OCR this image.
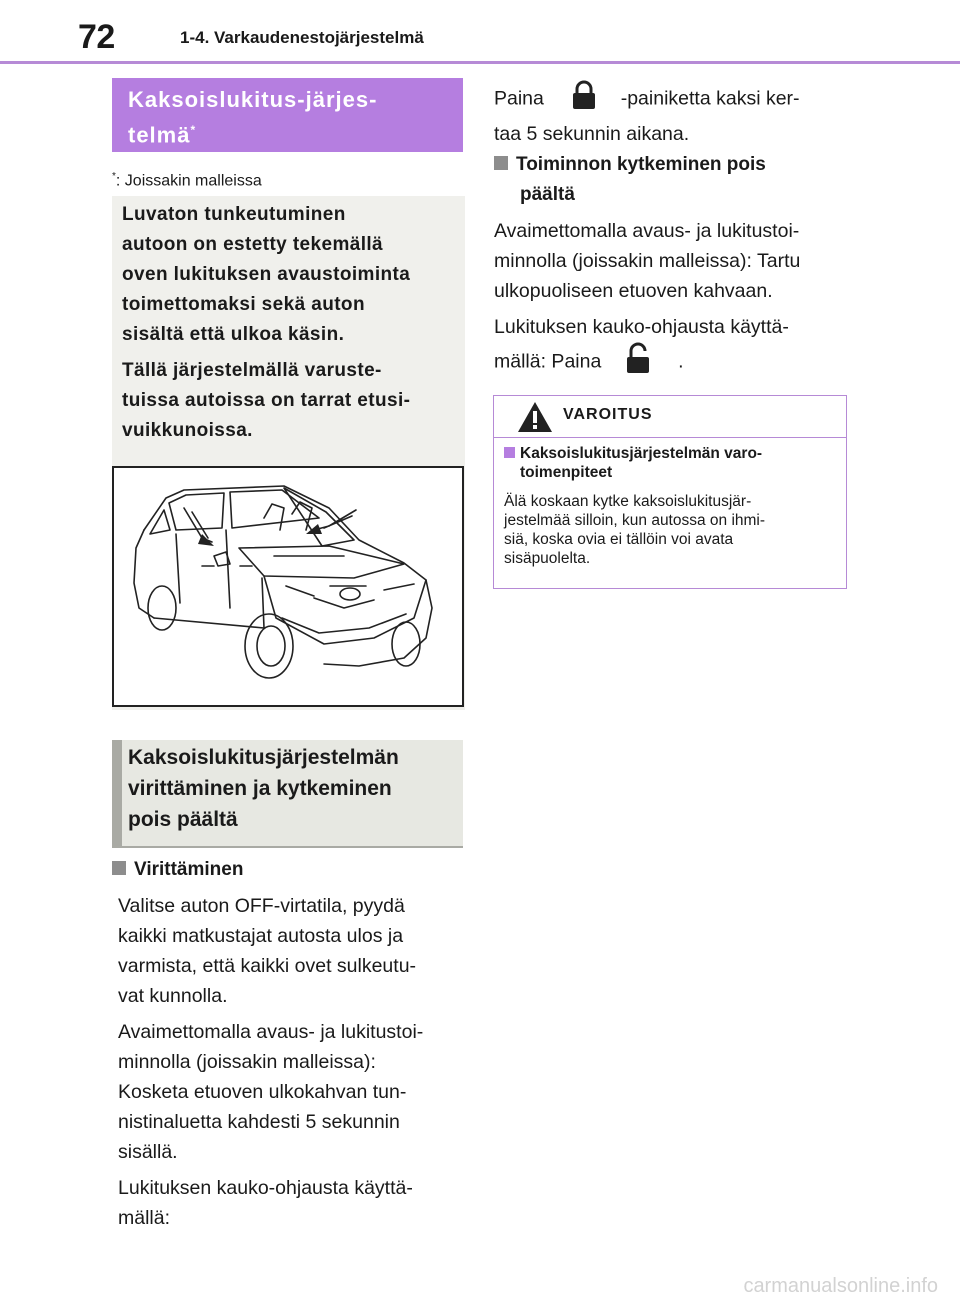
72	1-4. Varkaudenestojärjestelmä
Kaksoislukitus-järjes-
telmä*
*: Joissakin malleissa

Luvaton tunkeutuminen
autoon on estetty tekemällä
oven lukituksen avaustoiminta
toimettomaksi sekä auton
sisältä että ulkoa käsin.

Tällä järjestelmällä varuste-
tuissa autoissa on tarrat etusi-
vuikkunoissa.

Kaksoislukitusjärjestelmän
virittäminen ja kytkeminen
pois päältä
Virittäminen

Valitse auton OFF-virtatila, pyydä
kaikki matkustajat autosta ulos ja
varmista, että kaikki ovet sulkeutu-
vat kunnolla.

Avaimettomalla avaus- ja lukitustoi-
minnolla (joissakin malleissa):
Kosketa etuoven ulkokahvan tun-
nistinaluetta kahdesti 5 sekunnin
sisällä.

Lukituksen kauko-ohjausta käyttä-
mällä:

Paina	-painiketta kaksi ker-
taa 5 sekunnin aikana.

Toiminnon kytkeminen pois
päältä

Avaimettomalla avaus- ja lukitustoi-
minnolla (joissakin malleissa): Tartu
ulkopuoliseen etuoven kahvaan.

Lukituksen kauko-ohjausta käyttä-
mällä: Paina	.

VAROITUS

Kaksoislukitusjärjestelmän varo-
toimenpiteet

Älä koskaan kytke kaksoislukitusjär-
jestelmää silloin, kun autossa on ihmi-
siä, koska ovia ei tällöin voi avata
sisäpuolelta.

carmanualsonline.info
